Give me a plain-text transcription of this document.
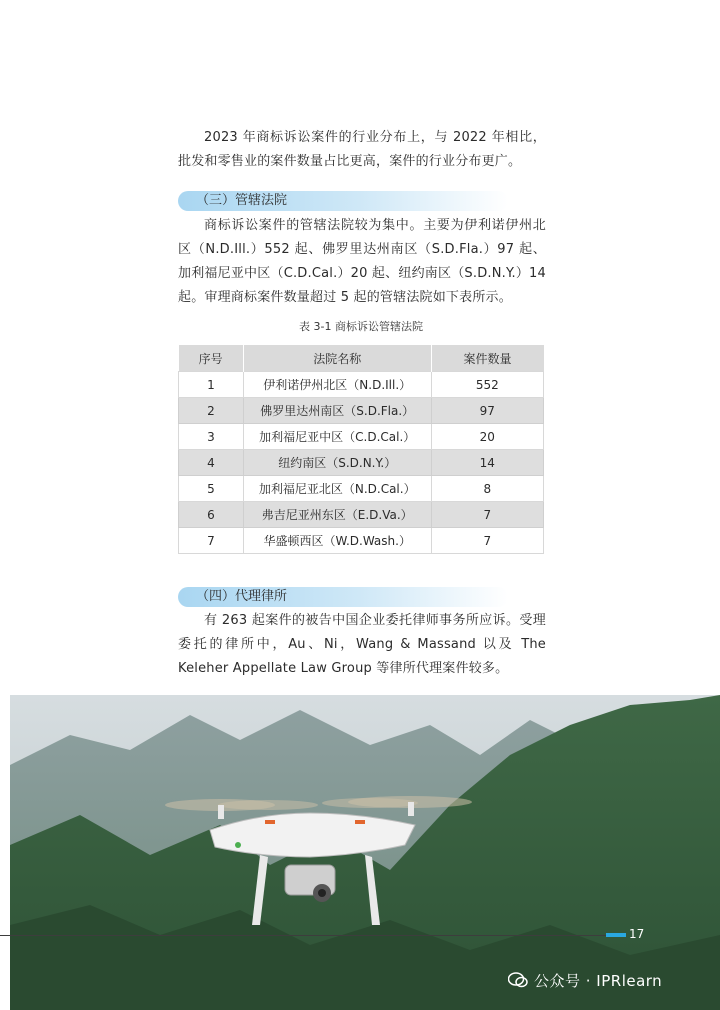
2023 年商标诉讼案件的行业分布上，与 2022 年相比，批发和零售业的案件数量占比更高，案件的行业分布更广。

（三）管辖法院

商标诉讼案件的管辖法院较为集中。主要为伊利诺伊州北区（N.D.Ill.）552 起、佛罗里达州南区（S.D.Fla.）97 起、加利福尼亚中区（C.D.Cal.）20 起、纽约南区（S.D.N.Y.）14 起。审理商标案件数量超过 5 起的管辖法院如下表所示。

表 3-1 商标诉讼管辖法院
序号	法院名称	案件数量
1	伊利诺伊州北区（N.D.Ill.）	552
2	佛罗里达州南区（S.D.Fla.）	97
3	加利福尼亚中区（C.D.Cal.）	20
4	纽约南区（S.D.N.Y.）	14
5	加利福尼亚北区（N.D.Cal.）	8
6	弗吉尼亚州东区（E.D.Va.）	7
7	华盛顿西区（W.D.Wash.）	7
（四）代理律所

有 263 起案件的被告中国企业委托律师事务所应诉。受理委托的律所中，Au、Ni，Wang & Massand 以及 The Keleher Appellate Law Group 等律所代理案件较多。

17
公众号 · IPRlearn
